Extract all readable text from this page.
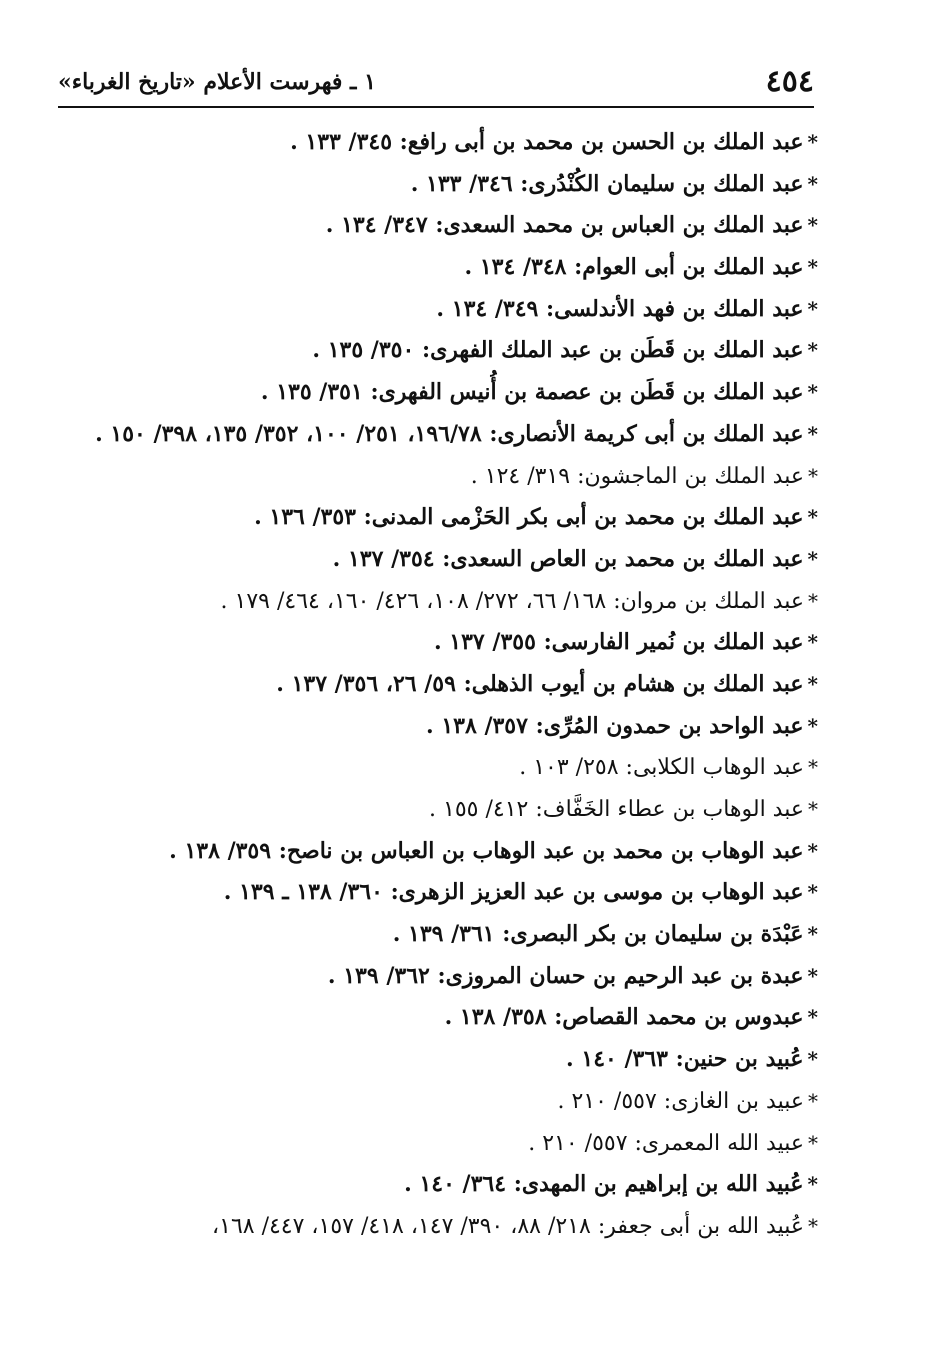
٤٥٤
١ ـ فهرست الأعلام «تاريخ الغرباء»
*عبد الملك بن الحسن بن محمد بن أبى رافع: ٣٤٥/ ١٣٣ .
*عبد الملك بن سليمان الكُنْدُرى: ٣٤٦/ ١٣٣ .
*عبد الملك بن العباس بن محمد السعدى: ٣٤٧/ ١٣٤ .
*عبد الملك بن أبى العوام: ٣٤٨/ ١٣٤ .
*عبد الملك بن فهد الأندلسى: ٣٤٩/ ١٣٤ .
*عبد الملك بن قَطَن بن عبد الملك الفهرى: ٣٥٠/ ١٣٥ .
*عبد الملك بن قَطَن بن عصمة بن أُنيس الفهرى: ٣٥١/ ١٣٥ .
*عبد الملك بن أبى كريمة الأنصارى: ١٩٦/٧٨، ٢٥١/ ١٠٠، ٣٥٢/ ١٣٥، ٣٩٨/ ١٥٠ .
*عبد الملك بن الماجشون: ٣١٩/ ١٢٤ .
*عبد الملك بن محمد بن أبى بكر الحَزْمى المدنى: ٣٥٣/ ١٣٦ .
*عبد الملك بن محمد بن العاص السعدى: ٣٥٤/ ١٣٧ .
*عبد الملك بن مروان: ١٦٨/ ٦٦، ٢٧٢/ ١٠٨، ٤٢٦/ ١٦٠، ٤٦٤/ ١٧٩ .
*عبد الملك بن نُمير الفارسى: ٣٥٥/ ١٣٧ .
*عبد الملك بن هشام بن أيوب الذهلى: ٥٩/ ٢٦، ٣٥٦/ ١٣٧ .
*عبد الواحد بن حمدون المُرِّى: ٣٥٧/ ١٣٨ .
*عبد الوهاب الكلابى: ٢٥٨/ ١٠٣ .
*عبد الوهاب بن عطاء الخَفَّاف: ٤١٢/ ١٥٥ .
*عبد الوهاب بن محمد بن عبد الوهاب بن العباس بن ناصح: ٣٥٩/ ١٣٨ .
*عبد الوهاب بن موسى بن عبد العزيز الزهرى: ٣٦٠/ ١٣٨ ـ ١٣٩ .
*عَبْدَة بن سليمان بن بكر البصرى: ٣٦١/ ١٣٩ .
*عبدة بن عبد الرحيم بن حسان المروزى: ٣٦٢/ ١٣٩ .
*عبدوس بن محمد القصاص: ٣٥٨/ ١٣٨ .
*عُبيد بن حنين: ٣٦٣/ ١٤٠ .
*عبيد بن الغازى: ٥٥٧/ ٢١٠ .
*عبيد الله المعمرى: ٥٥٧/ ٢١٠ .
*عُبيد الله بن إبراهيم بن المهدى: ٣٦٤/ ١٤٠ .
*عُبيد الله بن أبى جعفر: ٢١٨/ ٨٨، ٣٩٠/ ١٤٧، ٤١٨/ ١٥٧، ٤٤٧/ ١٦٨،
